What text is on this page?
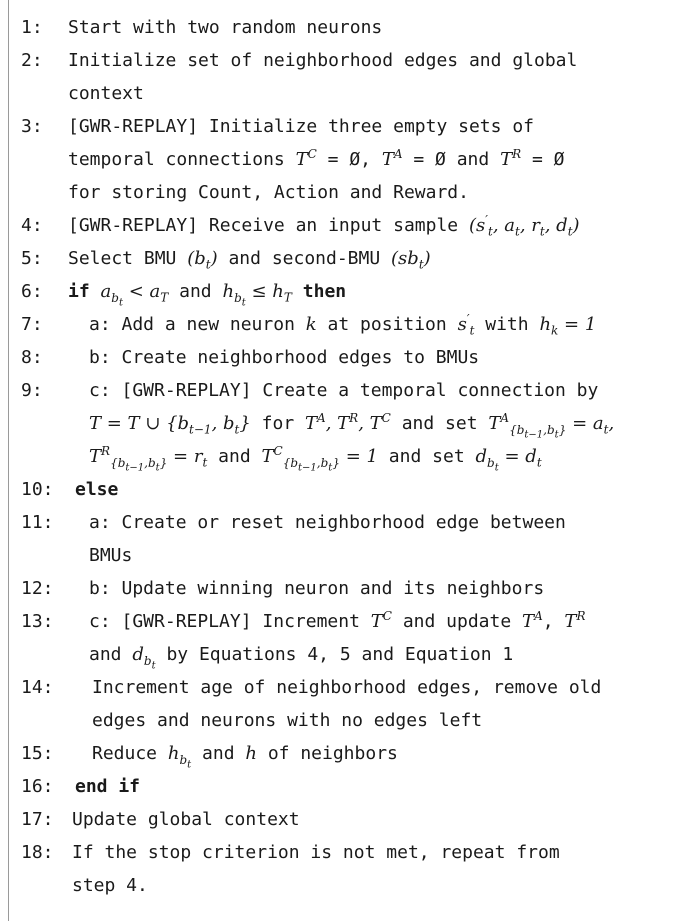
1: Start with two random neurons
2: Initialize set of neighborhood edges and global
context
3: [GWR-REPLAY] Initialize three empty sets of
temporal connections $T^C$ = Ø, $T^A$ = Ø and $T^R$ = Ø
for storing Count, Action and Reward.
4: [GWR-REPLAY] Receive an input sample ($s'_t$, $a_t$, $r_t$, $d_t$)
5: Select BMU $(b_t)$ and second-BMU $(sb_t)$
6: if $a_{b_t} < a_T$ and $h_{b_t} \le h_T$ then
7:	a: Add a new neuron k at position $s'_t$ with $h_k = 1$
8:	b: Create neighborhood edges to BMUs
9:	c: [GWR-REPLAY] Create a temporal connection by
T = T ∪ {$b_{t-1}$, $b_t$} for $T^A$, $T^R$, $T^C$ and set $T^A_{\{b_{t-1},b_t\}} = a_t$,
$T^R_{\{b_{t-1},b_t\}} = r_t$ and $T^C_{\{b_{t-1},b_t\}} = 1$ and set $d_{b_t} = d_t$
10: else
11: a: Create or reset neighborhood edge between
BMUs
12: b: Update winning neuron and its neighbors
13: c: [GWR-REPLAY] Increment $T^C$ and update $T^A$, $T^R$
and $d_{b_t}$ by Equations 4, 5 and Equation 1
14: Increment age of neighborhood edges, remove old
edges and neurons with no edges left
15: Reduce $h_{b_t}$ and h of neighbors
16: end if
17: Update global context
18: If the stop criterion is not met, repeat from
step 4.
